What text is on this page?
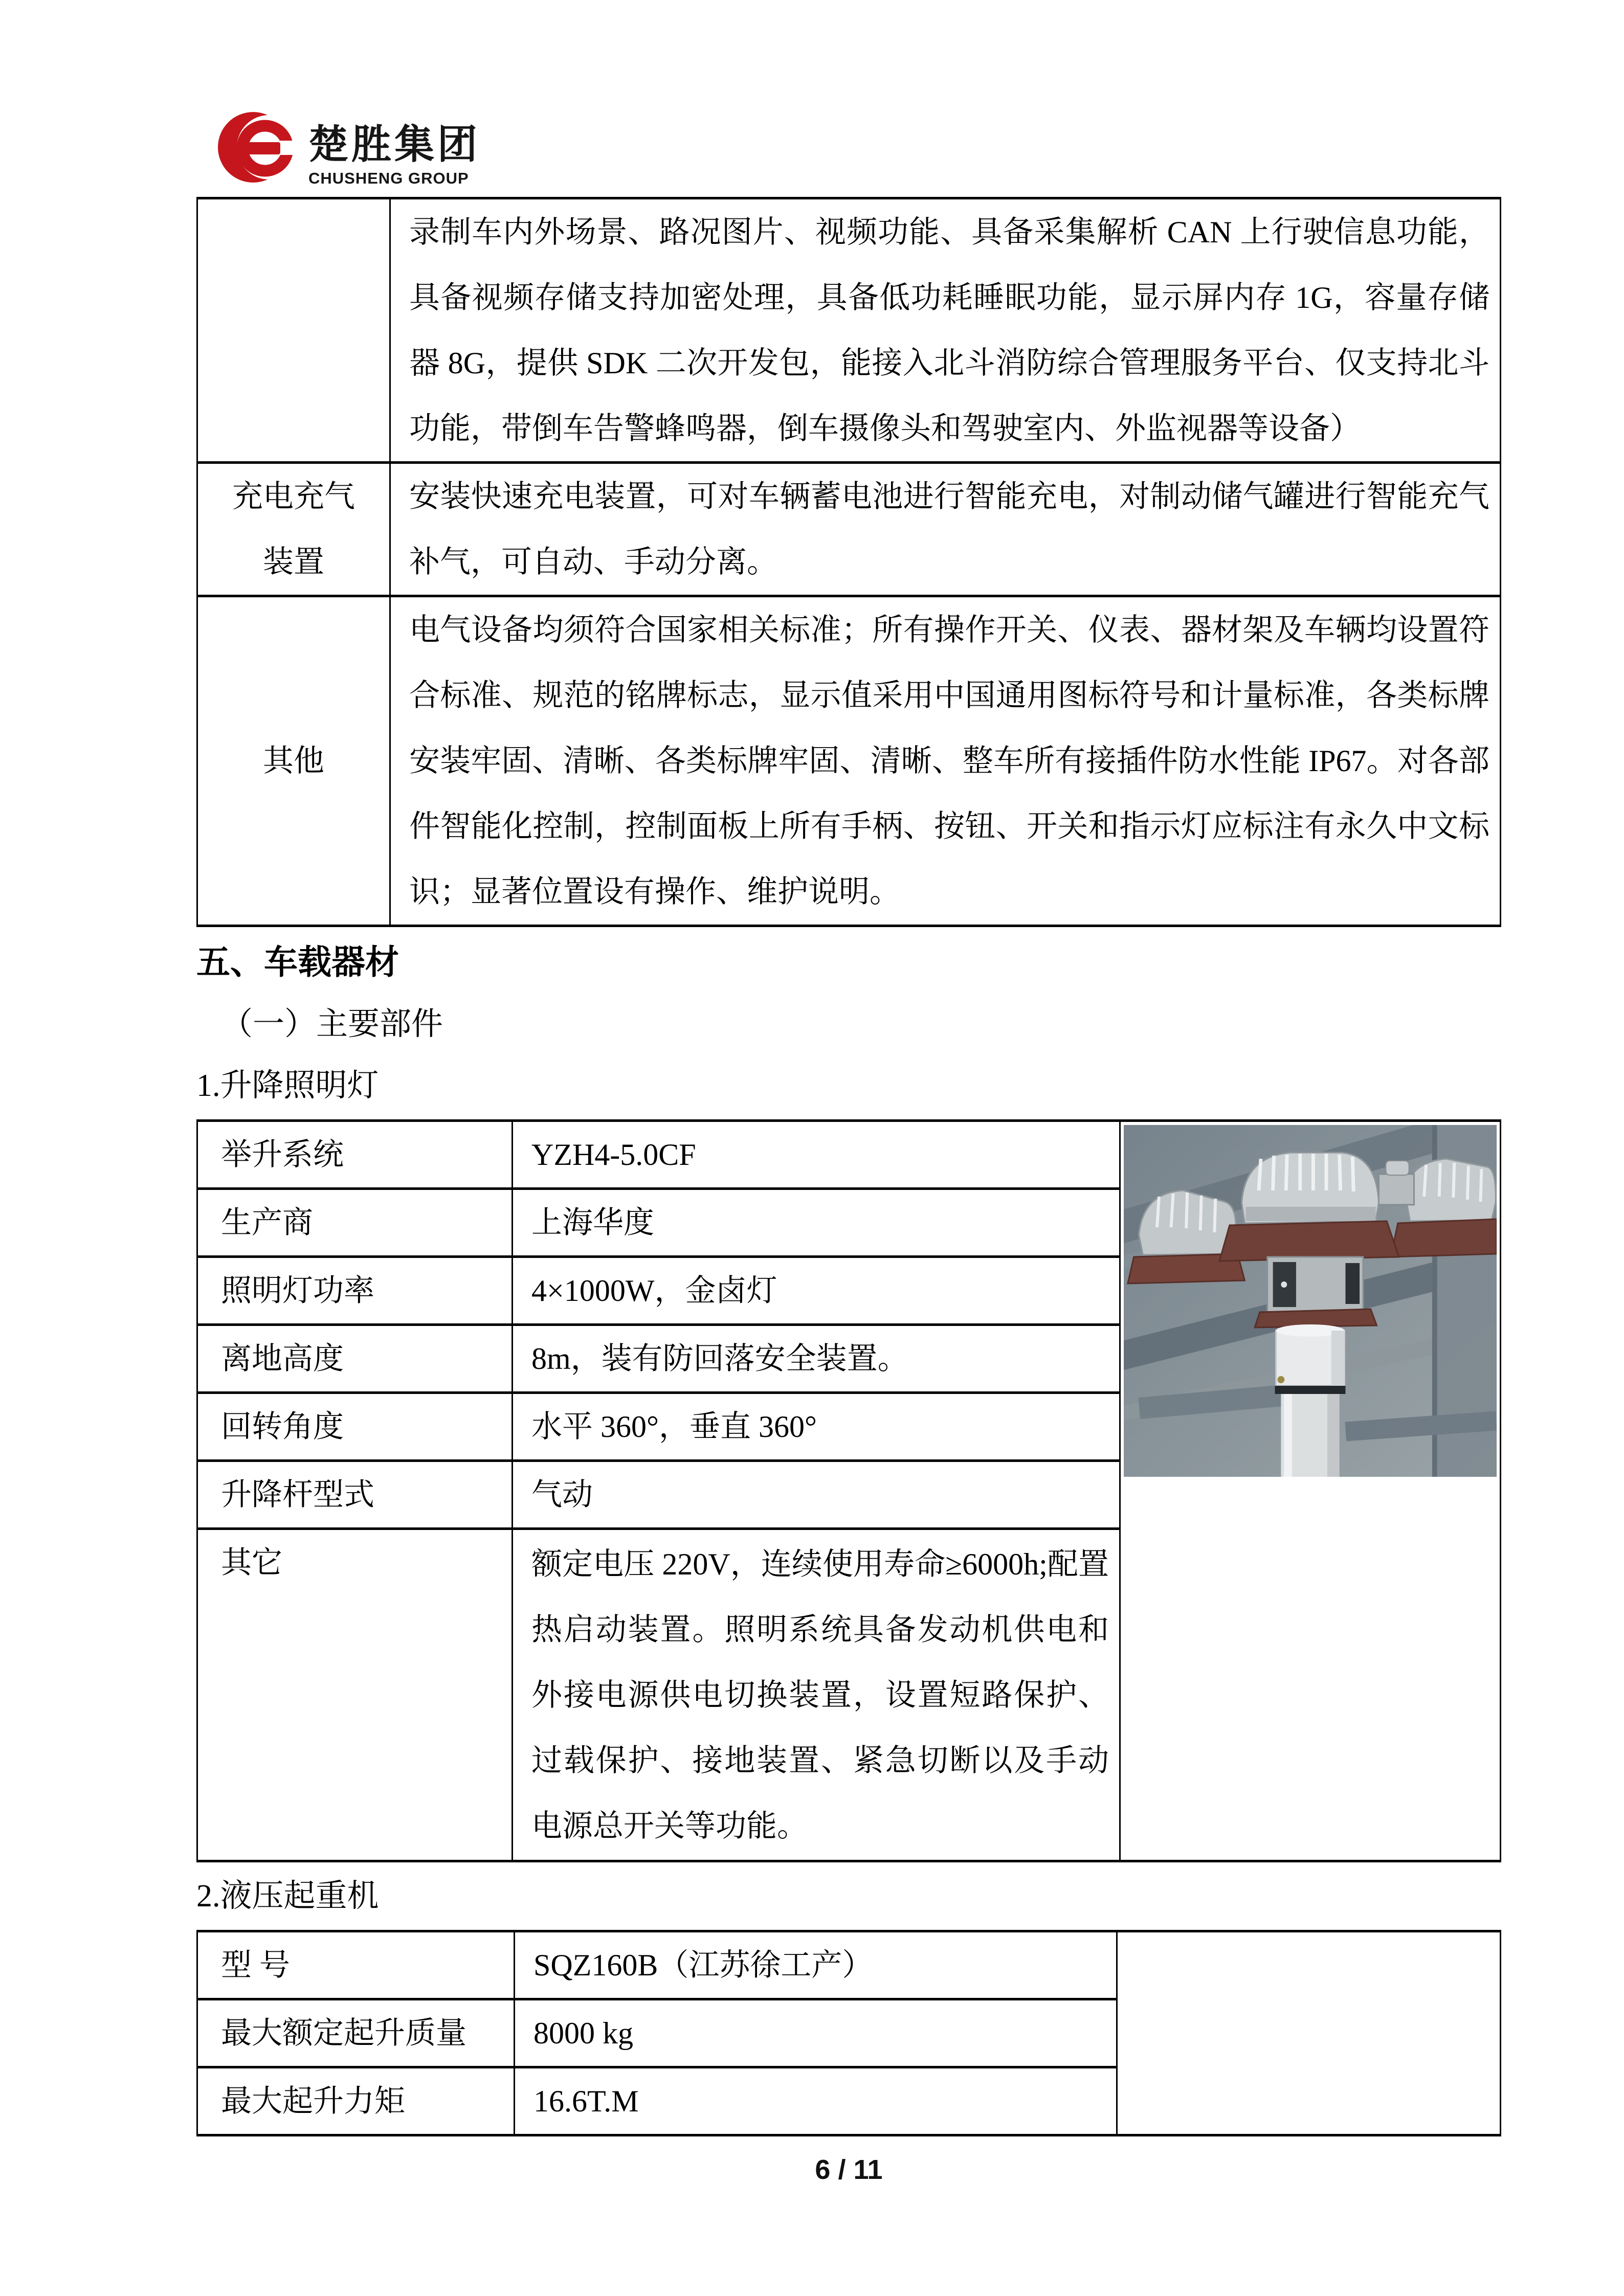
楚胜集团
CHUSHENG GROUP
	录制车内外场景、路况图片、视频功能、具备采集解析 CAN 上行驶信息功能，具备视频存储支持加密处理，具备低功耗睡眠功能，显示屏内存 1G，容量存储器 8G，提供 SDK 二次开发包，能接入北斗消防综合管理服务平台、仅支持北斗功能，带倒车告警蜂鸣器，倒车摄像头和驾驶室内、外监视器等设备）

充电充气
装置	安装快速充电装置，可对车辆蓄电池进行智能充电，对制动储气罐进行智能充气补气，可自动、手动分离。
其他	电气设备均须符合国家相关标准；所有操作开关、仪表、器材架及车辆均设置符合标准、规范的铭牌标志，显示值采用中国通用图标符号和计量标准，各类标牌安装牢固、清晰、各类标牌牢固、清晰、整车所有接插件防水性能 IP67。对各部件智能化控制，控制面板上所有手柄、按钮、开关和指示灯应标注有永久中文标识；显著位置设有操作、维护说明。
五、车载器材
（一）主要部件
1.升降照明灯
举升系统	YZH4-5.0CF	

生产商	上海华度	
照明灯功率	4×1000W，金卤灯	
离地高度	8m，装有防回落安全装置。	
回转角度	水平 360°，垂直 360°	
升降杆型式	气动	
其它	额定电压 220V，连续使用寿命≥6000h;配置热启动装置。照明系统具备发动机供电和外接电源供电切换装置，设置短路保护、过载保护、接地装置、紧急切断以及手动电源总开关等功能。	
2.液压起重机
型 号	SQZ160B（江苏徐工产）	
最大额定起升质量	8000 kg	
最大起升力矩	16.6T.M	
6 / 11
